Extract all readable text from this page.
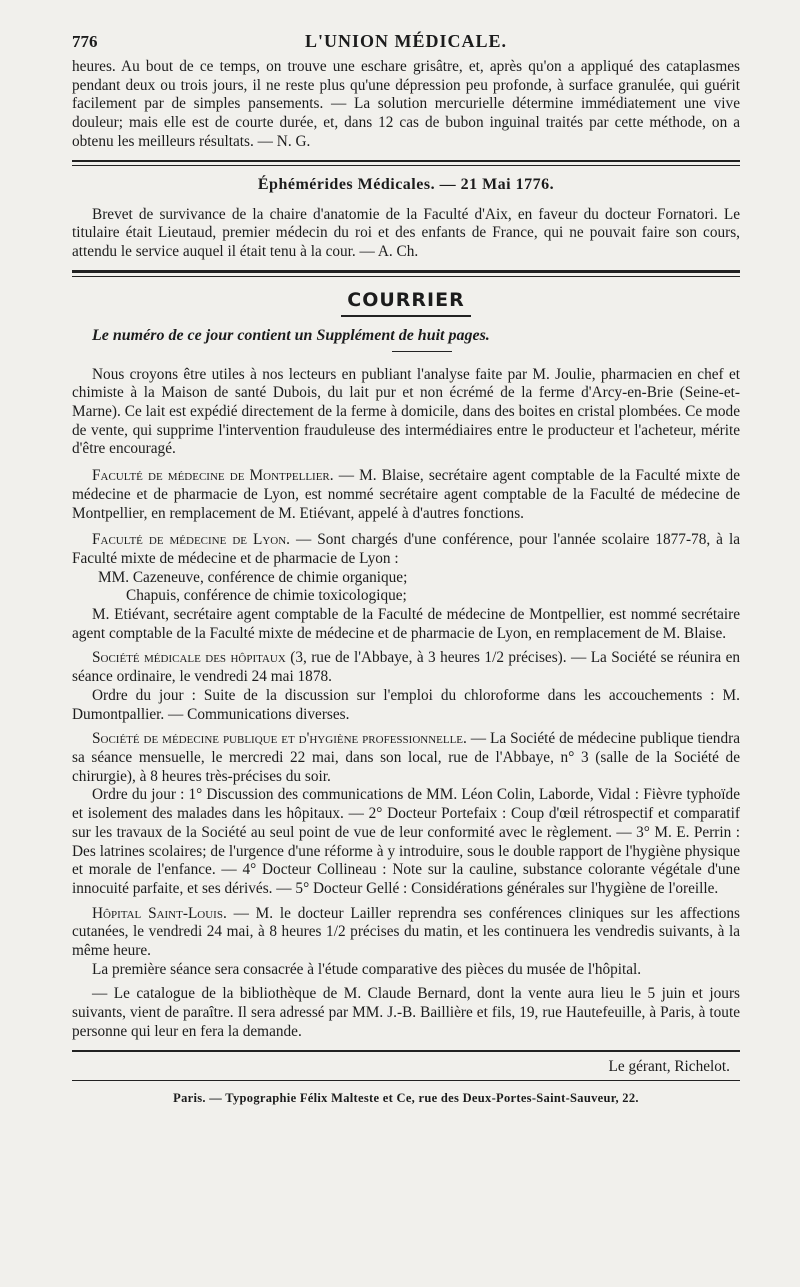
776	L'UNION MÉDICALE.

heures. Au bout de ce temps, on trouve une eschare grisâtre, et, après qu'on a appliqué des cataplasmes pendant deux ou trois jours, il ne reste plus qu'une dépression peu profonde, à surface granulée, qui guérit facilement par de simples pansements. — La solution mercurielle détermine immédiatement une vive douleur; mais elle est de courte durée, et, dans 12 cas de bubon inguinal traités par cette méthode, on a obtenu les meilleurs résultats. — N. G.

Éphémérides Médicales. — 21 Mai 1776.

Brevet de survivance de la chaire d'anatomie de la Faculté d'Aix, en faveur du docteur Fornatori. Le titulaire était Lieutaud, premier médecin du roi et des enfants de France, qui ne pouvait faire son cours, attendu le service auquel il était tenu à la cour. — A. Ch.

COURRIER
Le numéro de ce jour contient un Supplément de huit pages.

Nous croyons être utiles à nos lecteurs en publiant l'analyse faite par M. Joulie, pharmacien en chef et chimiste à la Maison de santé Dubois, du lait pur et non écrémé de la ferme d'Arcy-en-Brie (Seine-et-Marne). Ce lait est expédié directement de la ferme à domicile, dans des boites en cristal plombées. Ce mode de vente, qui supprime l'intervention frauduleuse des intermédiaires entre le producteur et l'acheteur, mérite d'être encouragé.

Faculté de médecine de Montpellier. — M. Blaise, secrétaire agent comptable de la Faculté mixte de médecine et de pharmacie de Lyon, est nommé secrétaire agent comptable de la Faculté de médecine de Montpellier, en remplacement de M. Etiévant, appelé à d'autres fonctions.

Faculté de médecine de Lyon. — Sont chargés d'une conférence, pour l'année scolaire 1877-78, à la Faculté mixte de médecine et de pharmacie de Lyon :

MM. Cazeneuve, conférence de chimie organique;

Chapuis, conférence de chimie toxicologique;

M. Etiévant, secrétaire agent comptable de la Faculté de médecine de Montpellier, est nommé secrétaire agent comptable de la Faculté mixte de médecine et de pharmacie de Lyon, en remplacement de M. Blaise.

Société médicale des hôpitaux (3, rue de l'Abbaye, à 3 heures 1/2 précises). — La Société se réunira en séance ordinaire, le vendredi 24 mai 1878.

Ordre du jour : Suite de la discussion sur l'emploi du chloroforme dans les accouchements : M. Dumontpallier. — Communications diverses.

Société de médecine publique et d'hygiène professionnelle. — La Société de médecine publique tiendra sa séance mensuelle, le mercredi 22 mai, dans son local, rue de l'Abbaye, n° 3 (salle de la Société de chirurgie), à 8 heures très-précises du soir.

Ordre du jour : 1° Discussion des communications de MM. Léon Colin, Laborde, Vidal : Fièvre typhoïde et isolement des malades dans les hôpitaux. — 2° Docteur Portefaix : Coup d'œil rétrospectif et comparatif sur les travaux de la Société au seul point de vue de leur conformité avec le règlement. — 3° M. E. Perrin : Des latrines scolaires; de l'urgence d'une réforme à y introduire, sous le double rapport de l'hygiène physique et morale de l'enfance. — 4° Docteur Collineau : Note sur la cauline, substance colorante végétale d'une innocuité parfaite, et ses dérivés. — 5° Docteur Gellé : Considérations générales sur l'hygiène de l'oreille.

Hôpital Saint-Louis. — M. le docteur Lailler reprendra ses conférences cliniques sur les affections cutanées, le vendredi 24 mai, à 8 heures 1/2 précises du matin, et les continuera les vendredis suivants, à la même heure.

La première séance sera consacrée à l'étude comparative des pièces du musée de l'hôpital.

— Le catalogue de la bibliothèque de M. Claude Bernard, dont la vente aura lieu le 5 juin et jours suivants, vient de paraître. Il sera adressé par MM. J.-B. Baillière et fils, 19, rue Hautefeuille, à Paris, à toute personne qui leur en fera la demande.

Le gérant, Richelot.
Paris. — Typographie Félix Malteste et Ce, rue des Deux-Portes-Saint-Sauveur, 22.
